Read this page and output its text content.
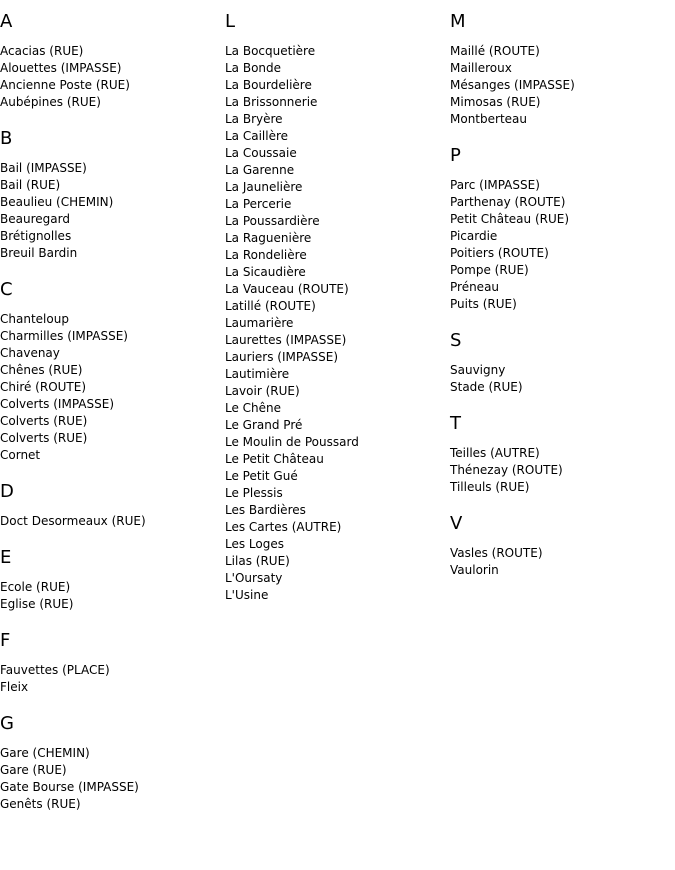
A
Acacias (RUE)
Alouettes (IMPASSE)
Ancienne Poste (RUE)
Aubépines (RUE)
B
Bail (IMPASSE)
Bail (RUE)
Beaulieu (CHEMIN)
Beauregard
Brétignolles
Breuil Bardin
C
Chanteloup
Charmilles (IMPASSE)
Chavenay
Chênes (RUE)
Chiré (ROUTE)
Colverts (IMPASSE)
Colverts (RUE)
Colverts (RUE)
Cornet
D
Doct Desormeaux (RUE)
E
Ecole (RUE)
Eglise (RUE)
F
Fauvettes (PLACE)
Fleix
G
Gare (CHEMIN)
Gare (RUE)
Gate Bourse (IMPASSE)
Genêts (RUE)
L
La Bocquetière
La Bonde
La Bourdelière
La Brissonnerie
La Bryère
La Caillère
La Coussaie
La Garenne
La Jaunelière
La Percerie
La Poussardière
La Raguenière
La Rondelière
La Sicaudière
La Vauceau (ROUTE)
Latillé (ROUTE)
Laumarière
Laurettes (IMPASSE)
Lauriers (IMPASSE)
Lautimière
Lavoir (RUE)
Le Chêne
Le Grand Pré
Le Moulin de Poussard
Le Petit Château
Le Petit Gué
Le Plessis
Les Bardières
Les Cartes (AUTRE)
Les Loges
Lilas (RUE)
L'Oursaty
L'Usine
M
Maillé (ROUTE)
Mailleroux
Mésanges (IMPASSE)
Mimosas (RUE)
Montberteau
P
Parc (IMPASSE)
Parthenay (ROUTE)
Petit Château (RUE)
Picardie
Poitiers (ROUTE)
Pompe (RUE)
Préneau
Puits (RUE)
S
Sauvigny
Stade (RUE)
T
Teilles (AUTRE)
Thénezay (ROUTE)
Tilleuls (RUE)
V
Vasles (ROUTE)
Vaulorin
